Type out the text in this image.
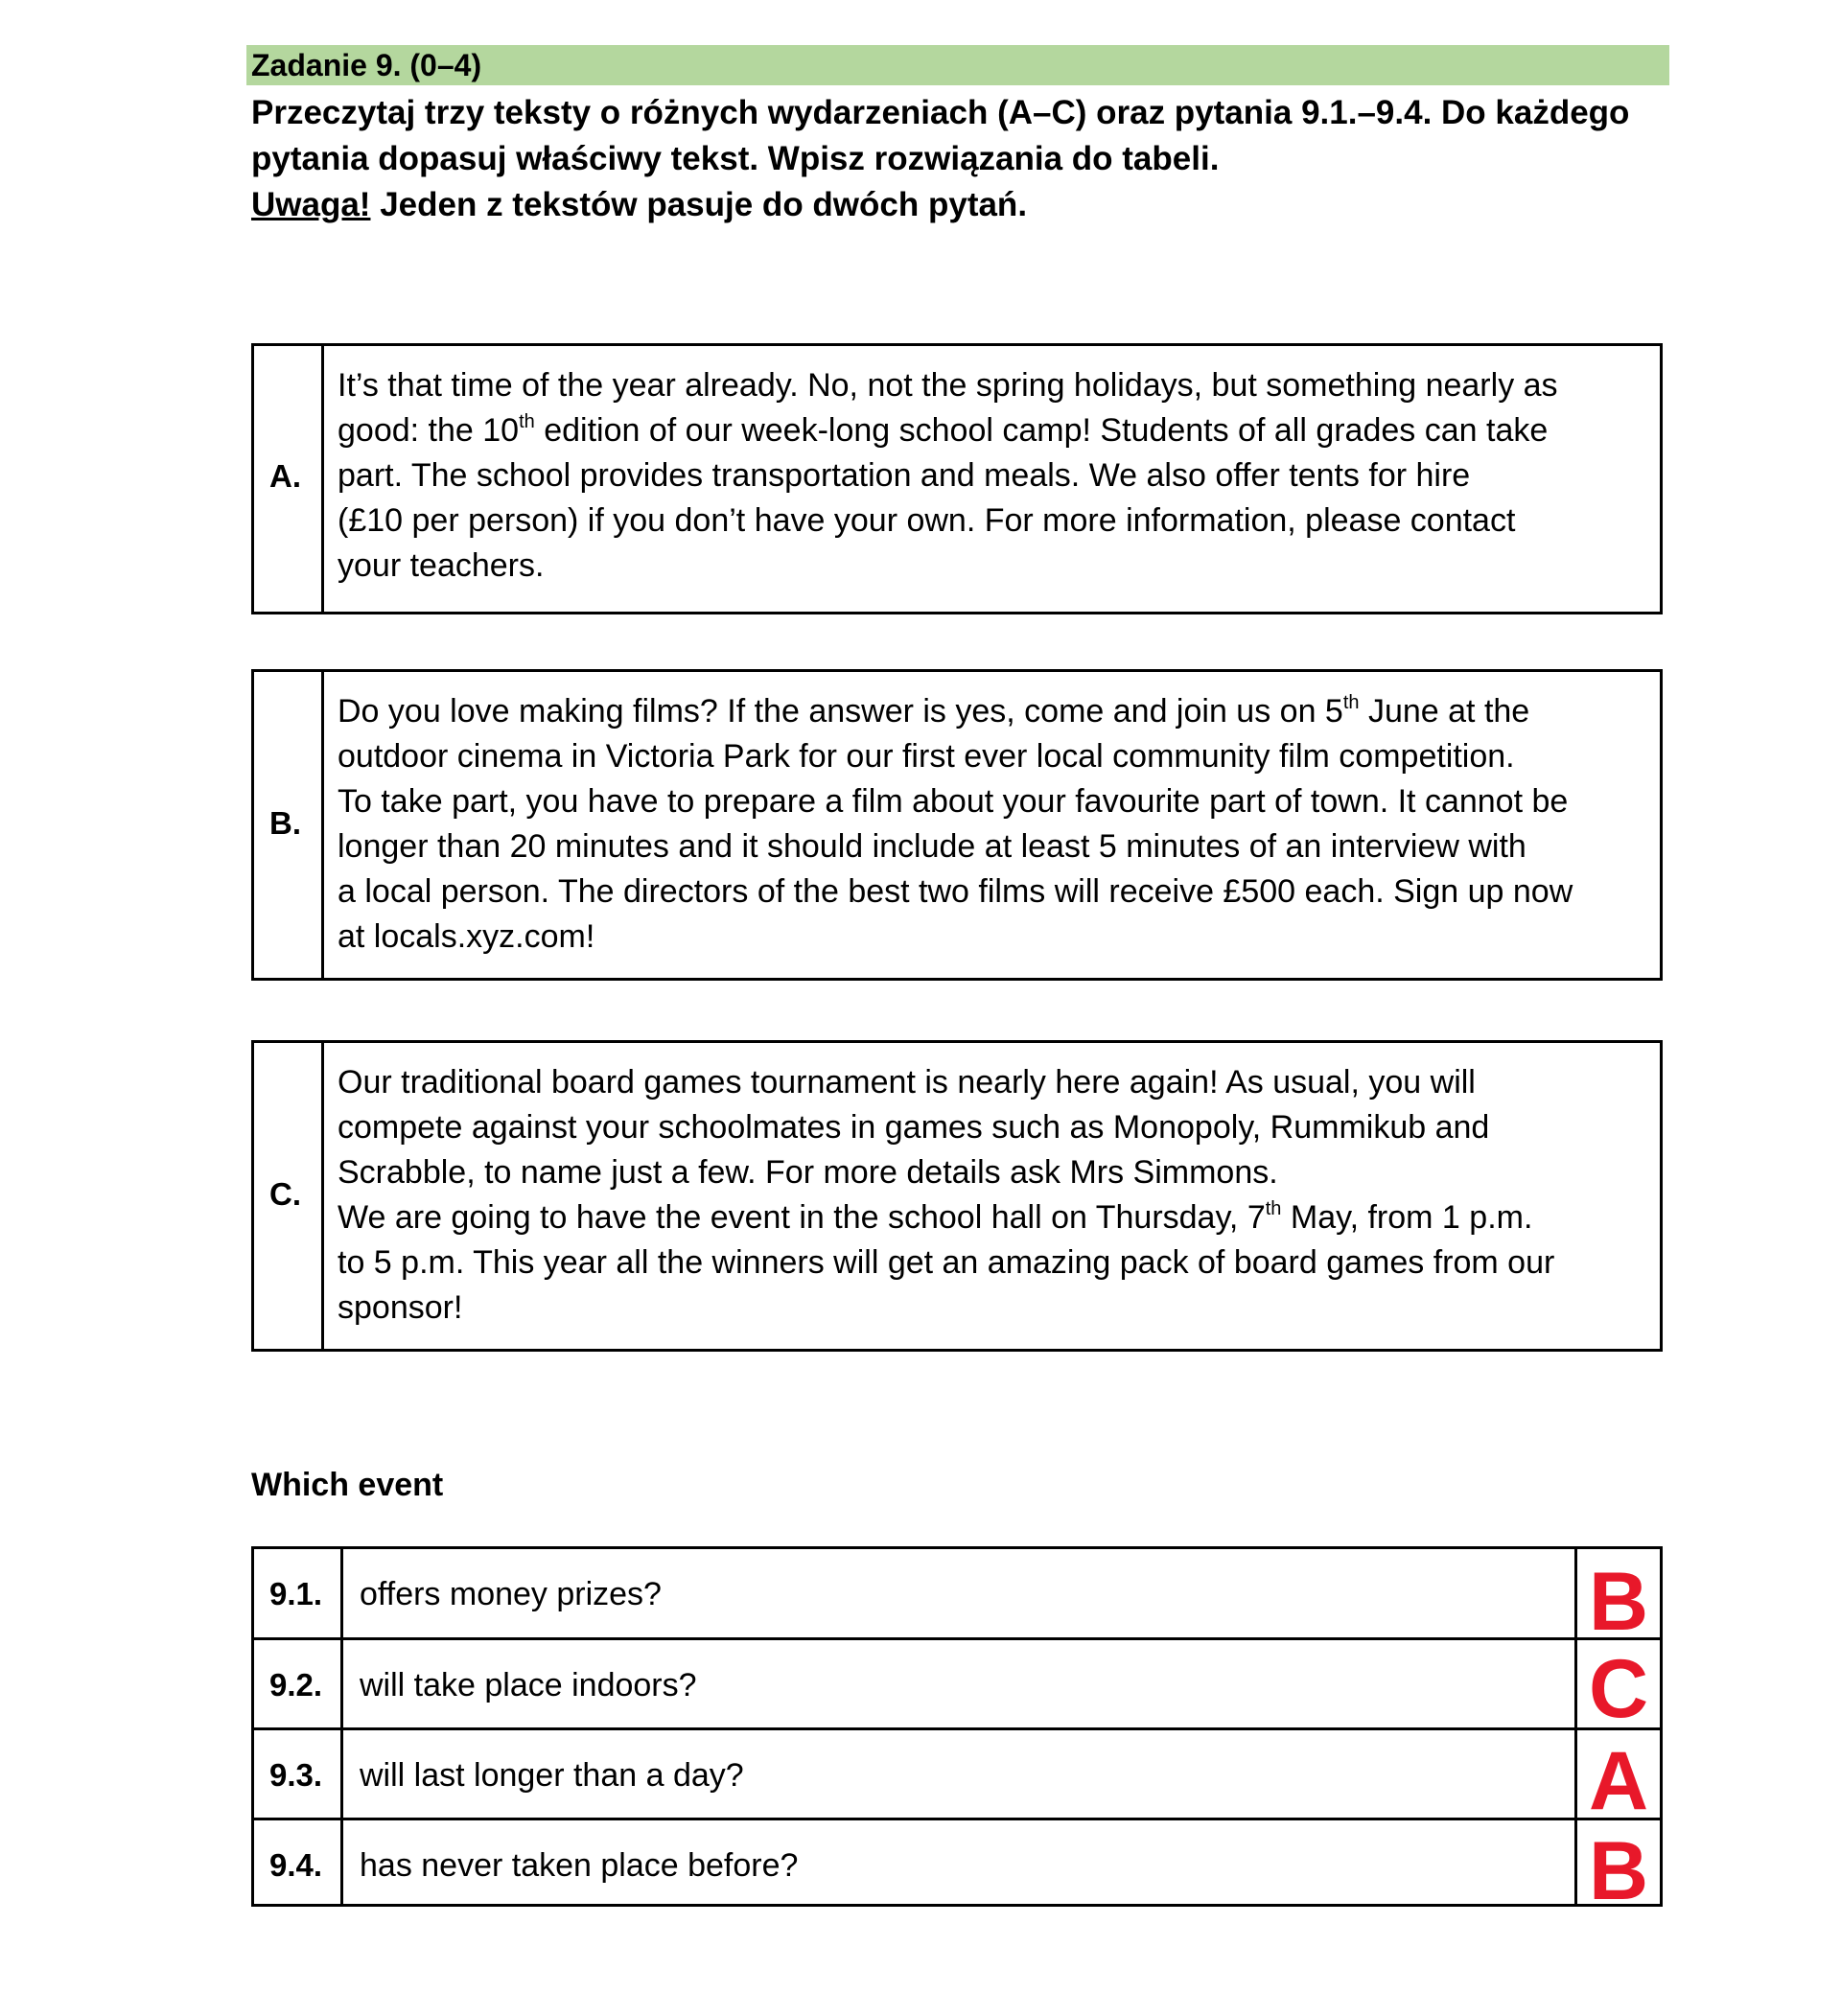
Zadanie 9. (0–4)
Przeczytaj trzy teksty o różnych wydarzeniach (A–C) oraz pytania 9.1.–9.4. Do każdego
pytania dopasuj właściwy tekst. Wpisz rozwiązania do tabeli.
Uwaga! Jeden z tekstów pasuje do dwóch pytań.
A.
It’s that time of the year already. No, not the spring holidays, but something nearly as
good: the 10th edition of our week-long school camp! Students of all grades can take
part. The school provides transportation and meals. We also offer tents for hire
(£10 per person) if you don’t have your own. For more information, please contact
your teachers.
B.
Do you love making films? If the answer is yes, come and join us on 5th June at the
outdoor cinema in Victoria Park for our first ever local community film competition.
To take part, you have to prepare a film about your favourite part of town. It cannot be
longer than 20 minutes and it should include at least 5 minutes of an interview with
a local person. The directors of the best two films will receive £500 each. Sign up now
at locals.xyz.com!
C.
Our traditional board games tournament is nearly here again! As usual, you will
compete against your schoolmates in games such as Monopoly, Rummikub and
Scrabble, to name just a few. For more details ask Mrs Simmons.
We are going to have the event in the school hall on Thursday, 7th May, from 1 p.m.
to 5 p.m. This year all the winners will get an amazing pack of board games from our
sponsor!
Which event
9.1. offers money prizes?	B
9.2. will take place indoors?	C
9.3. will last longer than a day?	A
9.4. has never taken place before?	B
